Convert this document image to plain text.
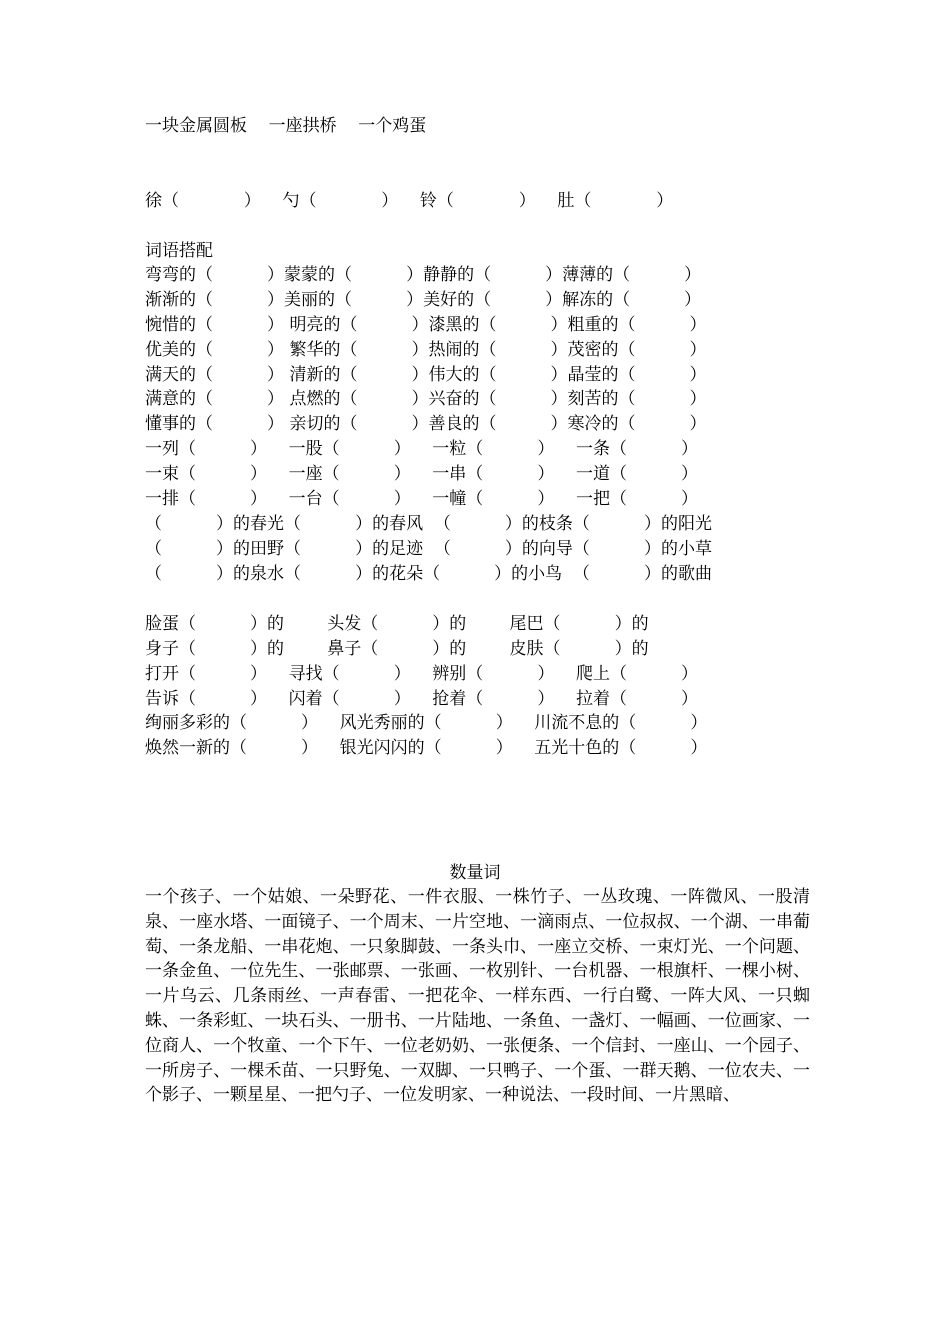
一块金属圆板    一座拱桥    一个鸡蛋
徐（            ）    勺（            ）    铃（            ）    肚（            ）
词语搭配
弯弯的（          ）蒙蒙的（          ）静静的（          ）薄薄的（          ）
渐渐的（          ）美丽的（          ）美好的（          ）解冻的（          ）
惋惜的（          ） 明亮的（          ）漆黑的（          ）粗重的（          ）
优美的（          ） 繁华的（          ）热闹的（          ）茂密的（          ）
满天的（          ） 清新的（          ）伟大的（          ）晶莹的（          ）
满意的（          ） 点燃的（          ）兴奋的（          ）刻苦的（          ）
懂事的（          ） 亲切的（          ）善良的（          ）寒冷的（          ）
一列（          ）    一股（          ）    一粒（          ）    一条（          ）
一束（          ）    一座（          ）    一串（          ）    一道（          ）
一排（          ）    一台（          ）    一幢（          ）    一把（          ）
（          ）的春光（          ）的春风  （          ）的枝条（          ）的阳光
（          ）的田野（          ）的足迹  （          ）的向导（          ）的小草
（          ）的泉水（          ）的花朵（          ）的小鸟  （          ）的歌曲
脸蛋（          ）的        头发（          ）的        尾巴（          ）的
身子（          ）的        鼻子（          ）的        皮肤（          ）的
打开（          ）    寻找（          ）    辨别（          ）    爬上（          ）
告诉（          ）    闪着（          ）    抢着（          ）    拉着（          ）
绚丽多彩的（          ）    风光秀丽的（          ）    川流不息的（          ）
焕然一新的（          ）    银光闪闪的（          ）    五光十色的（          ）
数量词
一个孩子、一个姑娘、一朵野花、一件衣服、一株竹子、一丛玫瑰、一阵微风、一股清泉、一座水塔、一面镜子、一个周末、一片空地、一滴雨点、一位叔叔、一个湖、一串葡萄、一条龙船、一串花炮、一只象脚鼓、一条头巾、一座立交桥、一束灯光、一个问题、一条金鱼、一位先生、一张邮票、一张画、一枚别针、一台机器、一根旗杆、一棵小树、一片乌云、几条雨丝、一声春雷、一把花伞、一样东西、一行白鹭、一阵大风、一只蜘蛛、一条彩虹、一块石头、一册书、一片陆地、一条鱼、一盏灯、一幅画、一位画家、一位商人、一个牧童、一个下午、一位老奶奶、一张便条、一个信封、一座山、一个园子、一所房子、一棵禾苗、一只野兔、一双脚、一只鸭子、一个蛋、一群天鹅、一位农夫、一个影子、一颗星星、一把勺子、一位发明家、一种说法、一段时间、一片黑暗、
